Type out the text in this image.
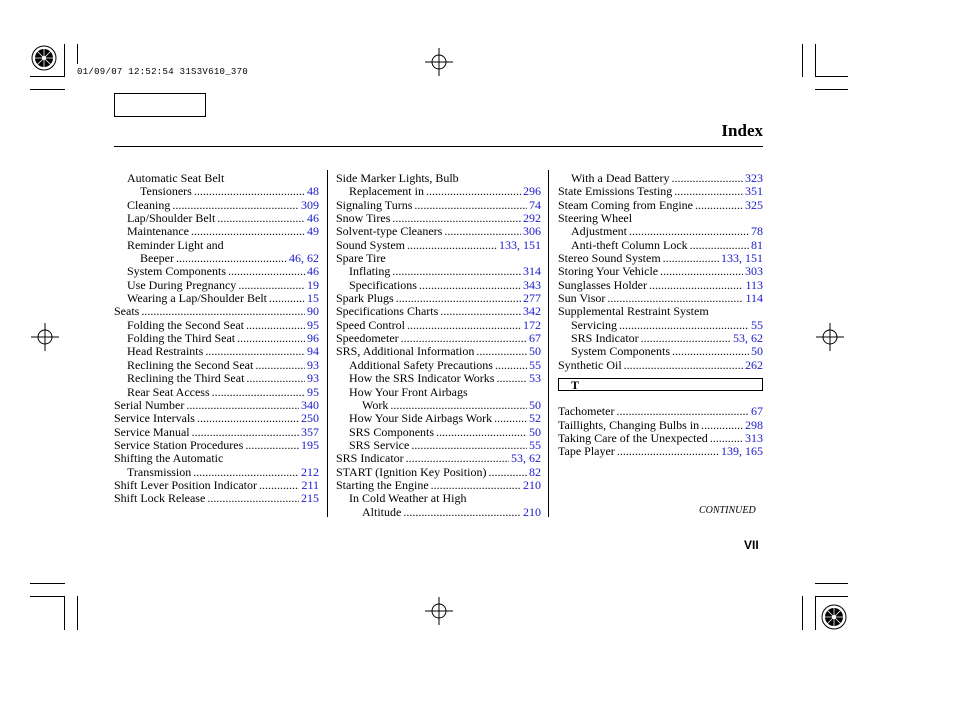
01/09/07 12:52:54 31S3V610_370
Index
Automatic Seat Belt
Tensioners .....	48
Cleaning .....	309
Lap/Shoulder Belt .....	46
Maintenance .....	49
Reminder Light and
Beeper .....	46, 62
System Components .....	46
Use During Pregnancy .....	19
Wearing a Lap/Shoulder Belt .....	15
Seats .....	90
Folding the Second Seat .....	95
Folding the Third Seat .....	96
Head Restraints .....	94
Reclining the Second Seat .....	93
Reclining the Third Seat .....	93
Rear Seat Access .....	95
Serial Number .....	340
Service Intervals .....	250
Service Manual .....	357
Service Station Procedures .....	195
Shifting the Automatic
Transmission .....	212
Shift Lever Position Indicator .....	211
Shift Lock Release .....	215
Side Marker Lights, Bulb
Replacement in .....	296
Signaling Turns .....	74
Snow Tires .....	292
Solvent-type Cleaners .....	306
Sound System .....	133, 151
Spare Tire
Inflating .....	314
Specifications .....	343
Spark Plugs .....	277
Specifications Charts .....	342
Speed Control .....	172
Speedometer .....	67
SRS, Additional Information .....	50
Additional Safety Precautions .....	55
How the SRS Indicator Works .....	53
How Your Front Airbags
Work .....	50
How Your Side Airbags Work .....	52
SRS Components .....	50
SRS Service .....	55
SRS Indicator .....	53, 62
START (Ignition Key Position) .....	82
Starting the Engine .....	210
In Cold Weather at High
Altitude .....	210
With a Dead Battery .....	323
State Emissions Testing .....	351
Steam Coming from Engine .....	325
Steering Wheel
Adjustment .....	78
Anti-theft Column Lock .....	81
Stereo Sound System .....	133, 151
Storing Your Vehicle .....	303
Sunglasses Holder .....	113
Sun Visor .....	114
Supplemental Restraint System
Servicing .....	55
SRS Indicator .....	53, 62
System Components .....	50
Synthetic Oil .....	262
T
Tachometer .....	67
Taillights, Changing Bulbs in .....	298
Taking Care of the Unexpected .....	313
Tape Player .....	139, 165
CONTINUED
VII
